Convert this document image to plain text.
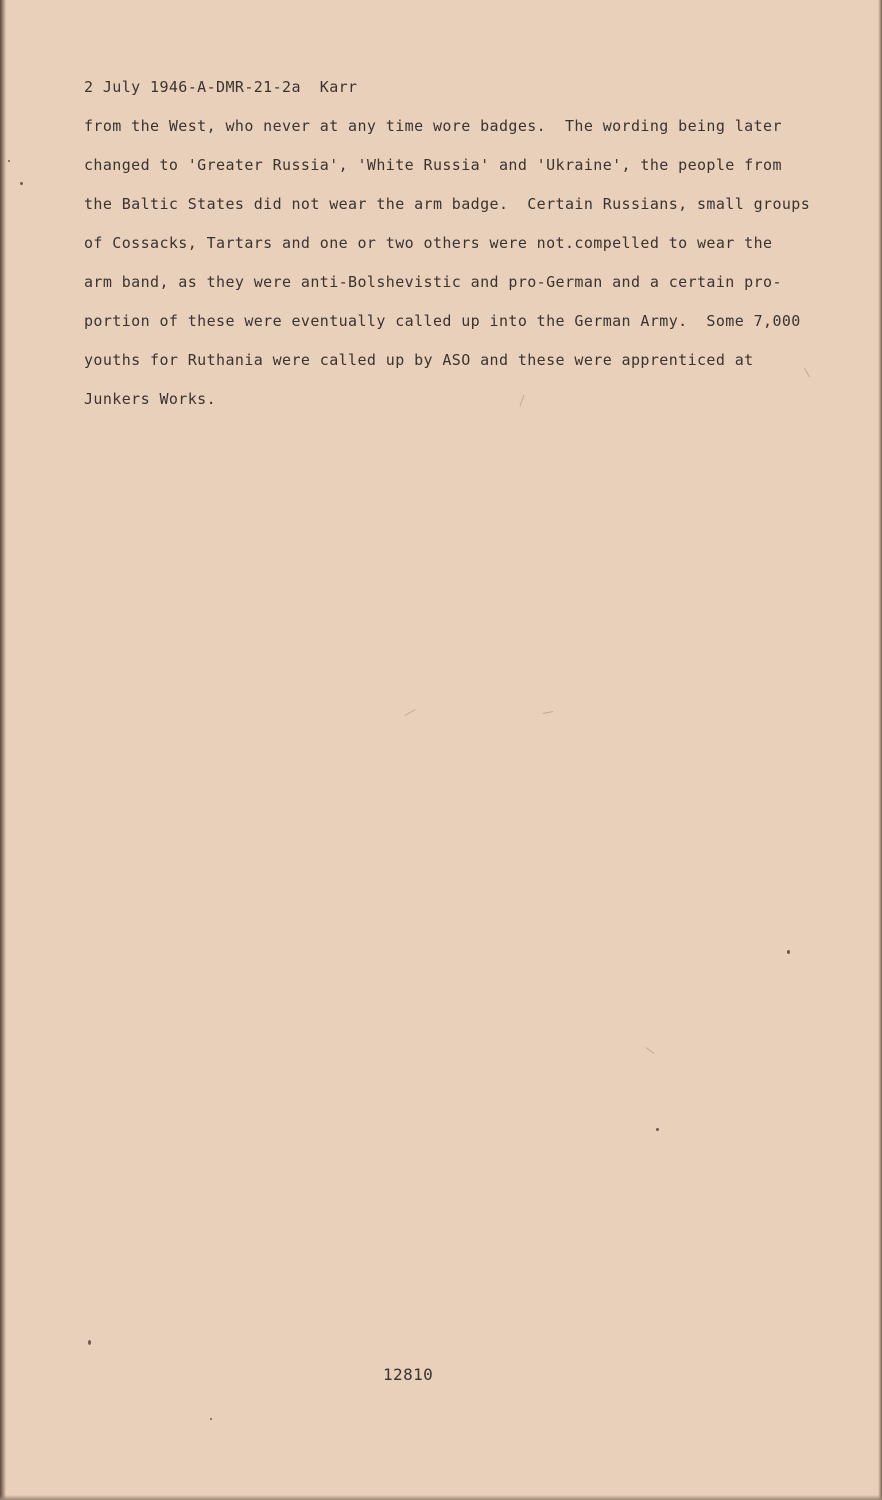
2 July 1946-A-DMR-21-2a  Karr
from the West, who never at any time wore badges.  The wording being later
changed to 'Greater Russia', 'White Russia' and 'Ukraine', the people from
the Baltic States did not wear the arm badge.  Certain Russians, small groups
of Cossacks, Tartars and one or two others were not.compelled to wear the
arm band, as they were anti-Bolshevistic and pro-German and a certain pro-
portion of these were eventually called up into the German Army.  Some 7,000
youths for Ruthania were called up by ASO and these were apprenticed at
Junkers Works.
12810
